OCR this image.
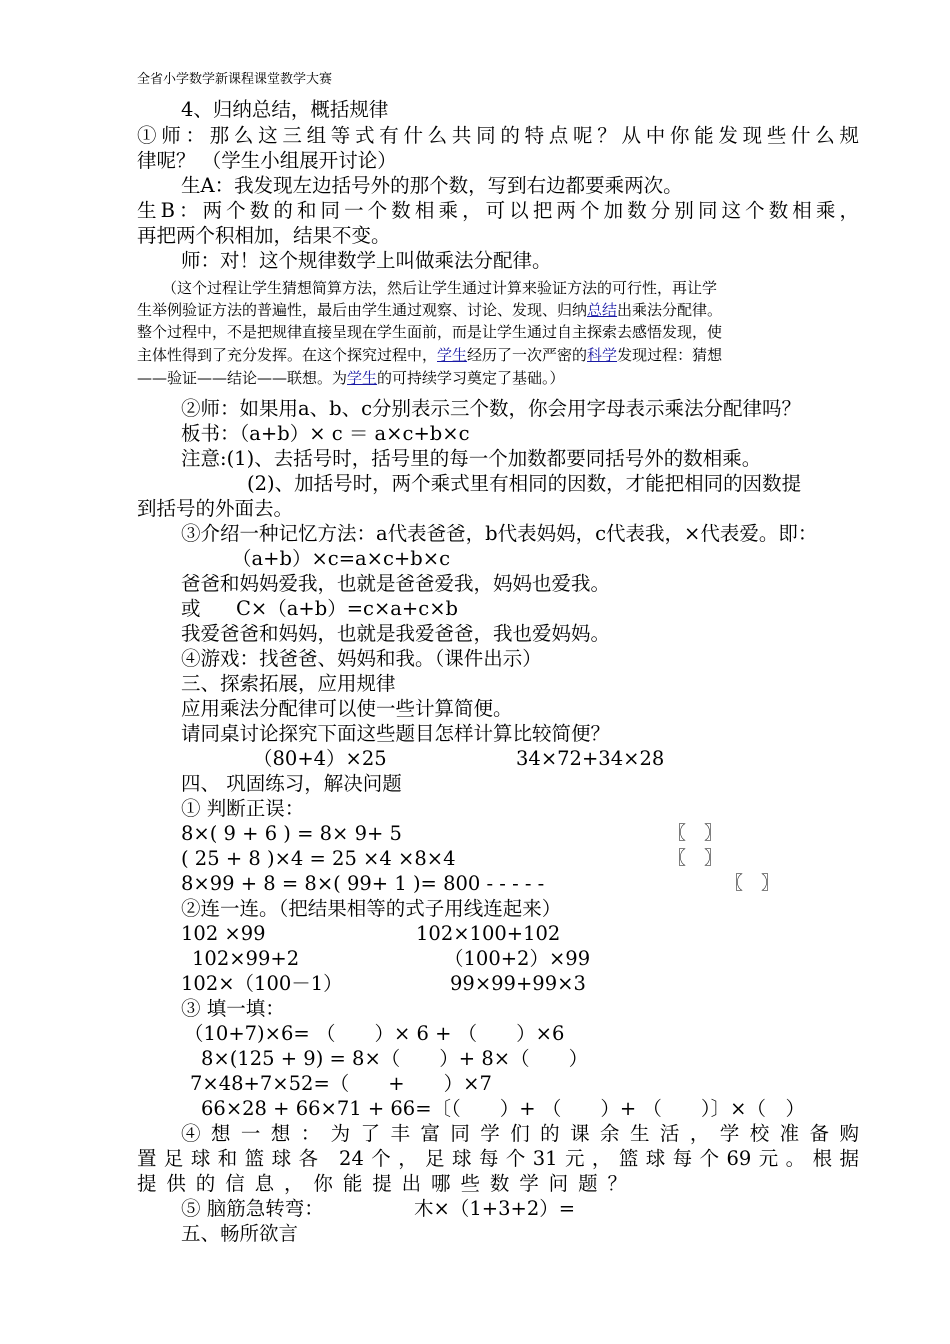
全省小学数学新课程课堂教学大赛
4、归纳总结，概括规律
①师：那么这三组等式有什么共同的特点呢？从中你能发现些什么规
律呢？ （学生小组展开讨论）
生A：我发现左边括号外的那个数，写到右边都要乘两次。
生B：两个数的和同一个数相乘，可以把两个加数分别同这个数相乘，
再把两个积相加，结果不变。
师：对！这个规律数学上叫做乘法分配律。
（这个过程让学生猜想简算方法，然后让学生通过计算来验证方法的可行性，再让学
生举例验证方法的普遍性，最后由学生通过观察、讨论、发现、归纳总结出乘法分配律。
整个过程中，不是把规律直接呈现在学生面前，而是让学生通过自主探索去感悟发现，使
主体性得到了充分发挥。在这个探究过程中，学生经历了一次严密的科学发现过程：猜想
——验证——结论——联想。为学生的可持续学习奠定了基础。）
②师：如果用a、b、c分别表示三个数，你会用字母表示乘法分配律吗？
板书：（a+b）× c ＝ a×c+b×c
注意:(1)、去括号时，括号里的每一个加数都要同括号外的数相乘。
(2)、加括号时，两个乘式里有相同的因数，才能把相同的因数提
到括号的外面去。
③介绍一种记忆方法：a代表爸爸，b代表妈妈，c代表我，×代表爱。即：
（a+b）×c=a×c+b×c
爸爸和妈妈爱我，也就是爸爸爱我，妈妈也爱我。
或 C×（a+b）=c×a+c×b
我爱爸爸和妈妈，也就是我爱爸爸，我也爱妈妈。
④游戏：找爸爸、妈妈和我。（课件出示）
三、探索拓展，应用规律
应用乘法分配律可以使一些计算简便。
请同桌讨论探究下面这些题目怎样计算比较简便？
（80+4）×25	34×72+34×28
四、 巩固练习，解决问题
① 判断正误：
8×( 9 + 6 ) = 8× 9+ 5	〖　〗
( 25 + 8 )×4 = 25 ×4 ×8×4	〖　〗
8×99 + 8 = 8×( 99+ 1 )= 800 - - - - -	〖　〗
②连一连。（把结果相等的式子用线连起来）
102 ×99	102×100+102
102×99+2	（100+2）×99
102×（100－1）	99×99+99×3
③ 填一填：
（10+7)×6= （　　）× 6 + （　　）×6
8×(125 + 9) = 8×（　　）+ 8×（　　）
7×48+7×52=（　　+　　）×7
66×28 + 66×71 + 66=〔（　　）+ （　　）+ （　　）〕×（　）
④想一想：为了丰富同学们的课余生活，学校准备购
置足球和篮球各 24个，足球每个31元，篮球每个69元。根据
提供的信息，你能提出哪些数学问题？
⑤ 脑筋急转弯：	木×（1+3+2）=
五、畅所欲言
